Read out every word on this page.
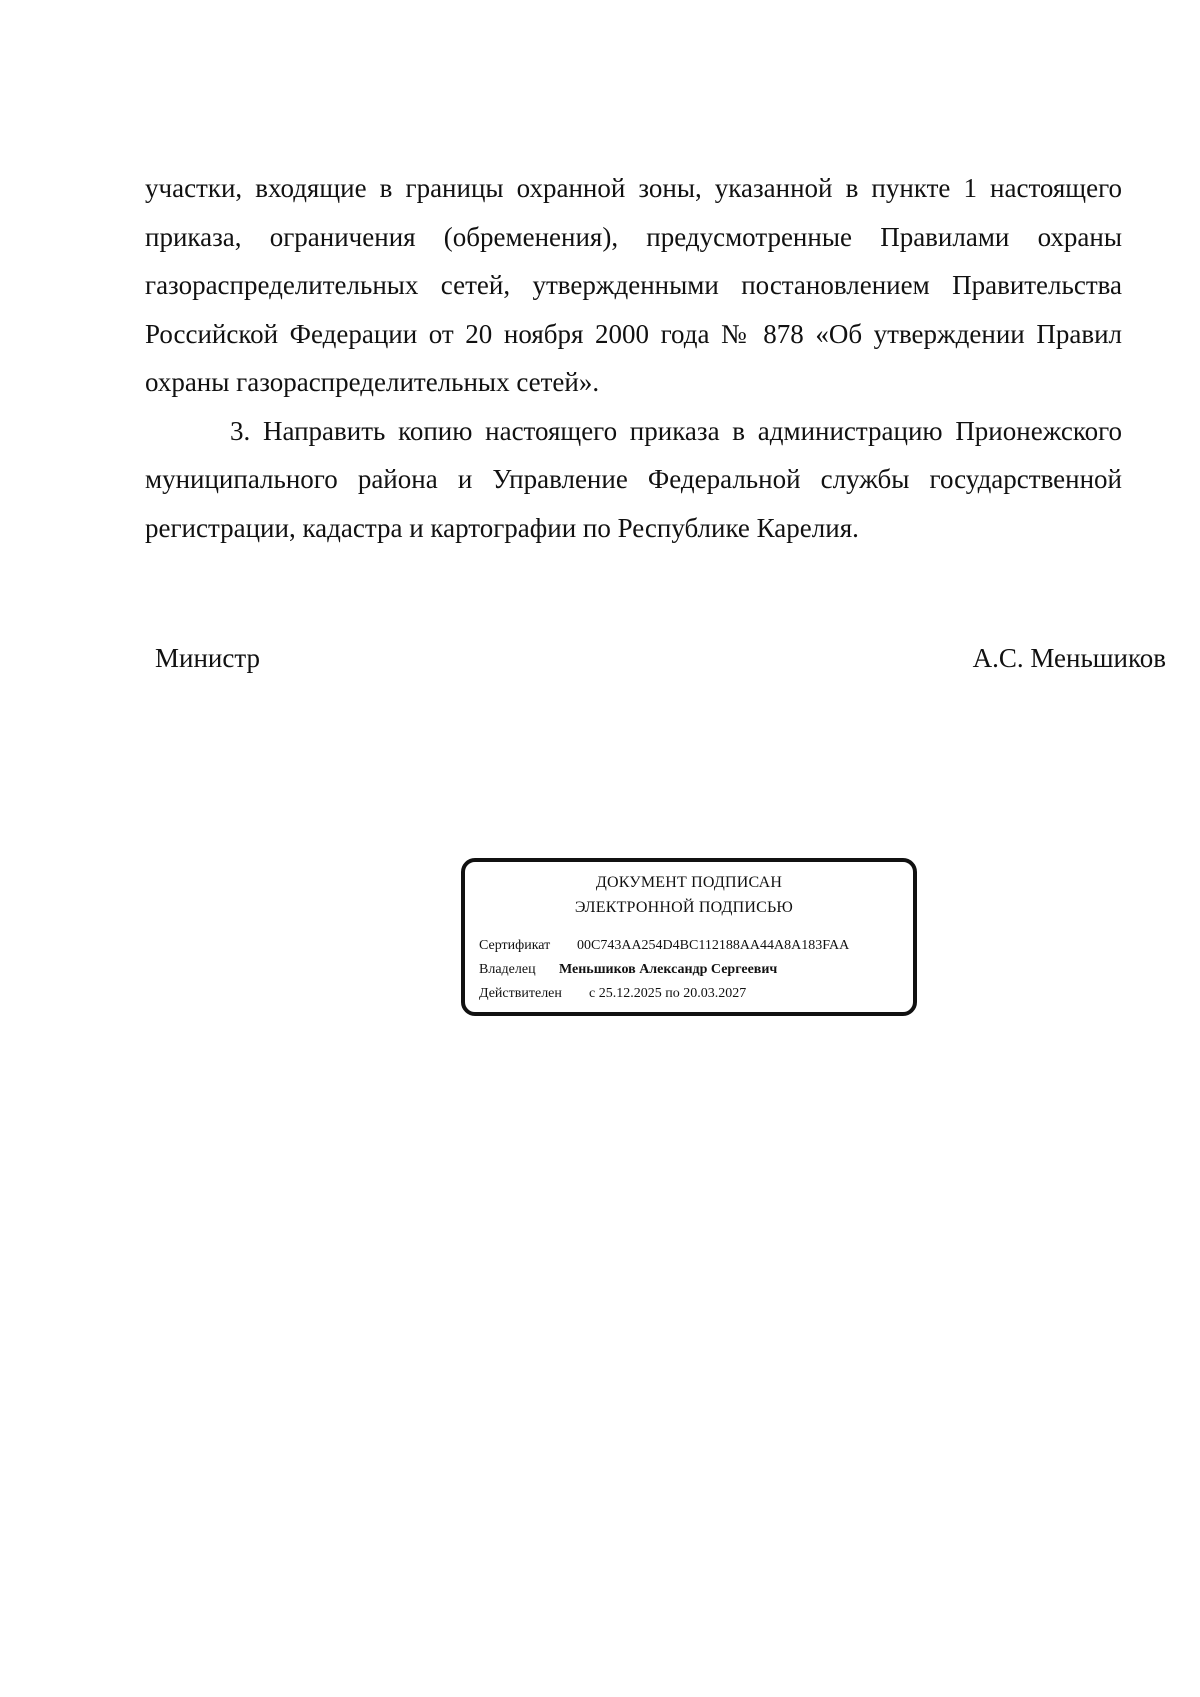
участки, входящие в границы охранной зоны, указанной в пункте 1 настоящего приказа, ограничения (обременения), предусмотренные Правилами охраны газораспределительных сетей, утвержденными постановлением Правительства Российской Федерации от 20 ноября 2000 года № 878 «Об утверждении Правил охраны газораспределительных сетей».

3. Направить копию настоящего приказа в администрацию Прионежского муниципального района и Управление Федеральной службы государственной регистрации, кадастра и картографии по Республике Карелия.

Министр	А.С. Меньшиков
ДОКУМЕНТ ПОДПИСАН
ЭЛЕКТРОННОЙ ПОДПИСЬЮ
Сертификат 00C743AA254D4BC112188AA44A8A183FAA
Владелец Меньшиков Александр Сергеевич
Действителен с 25.12.2025 по 20.03.2027
